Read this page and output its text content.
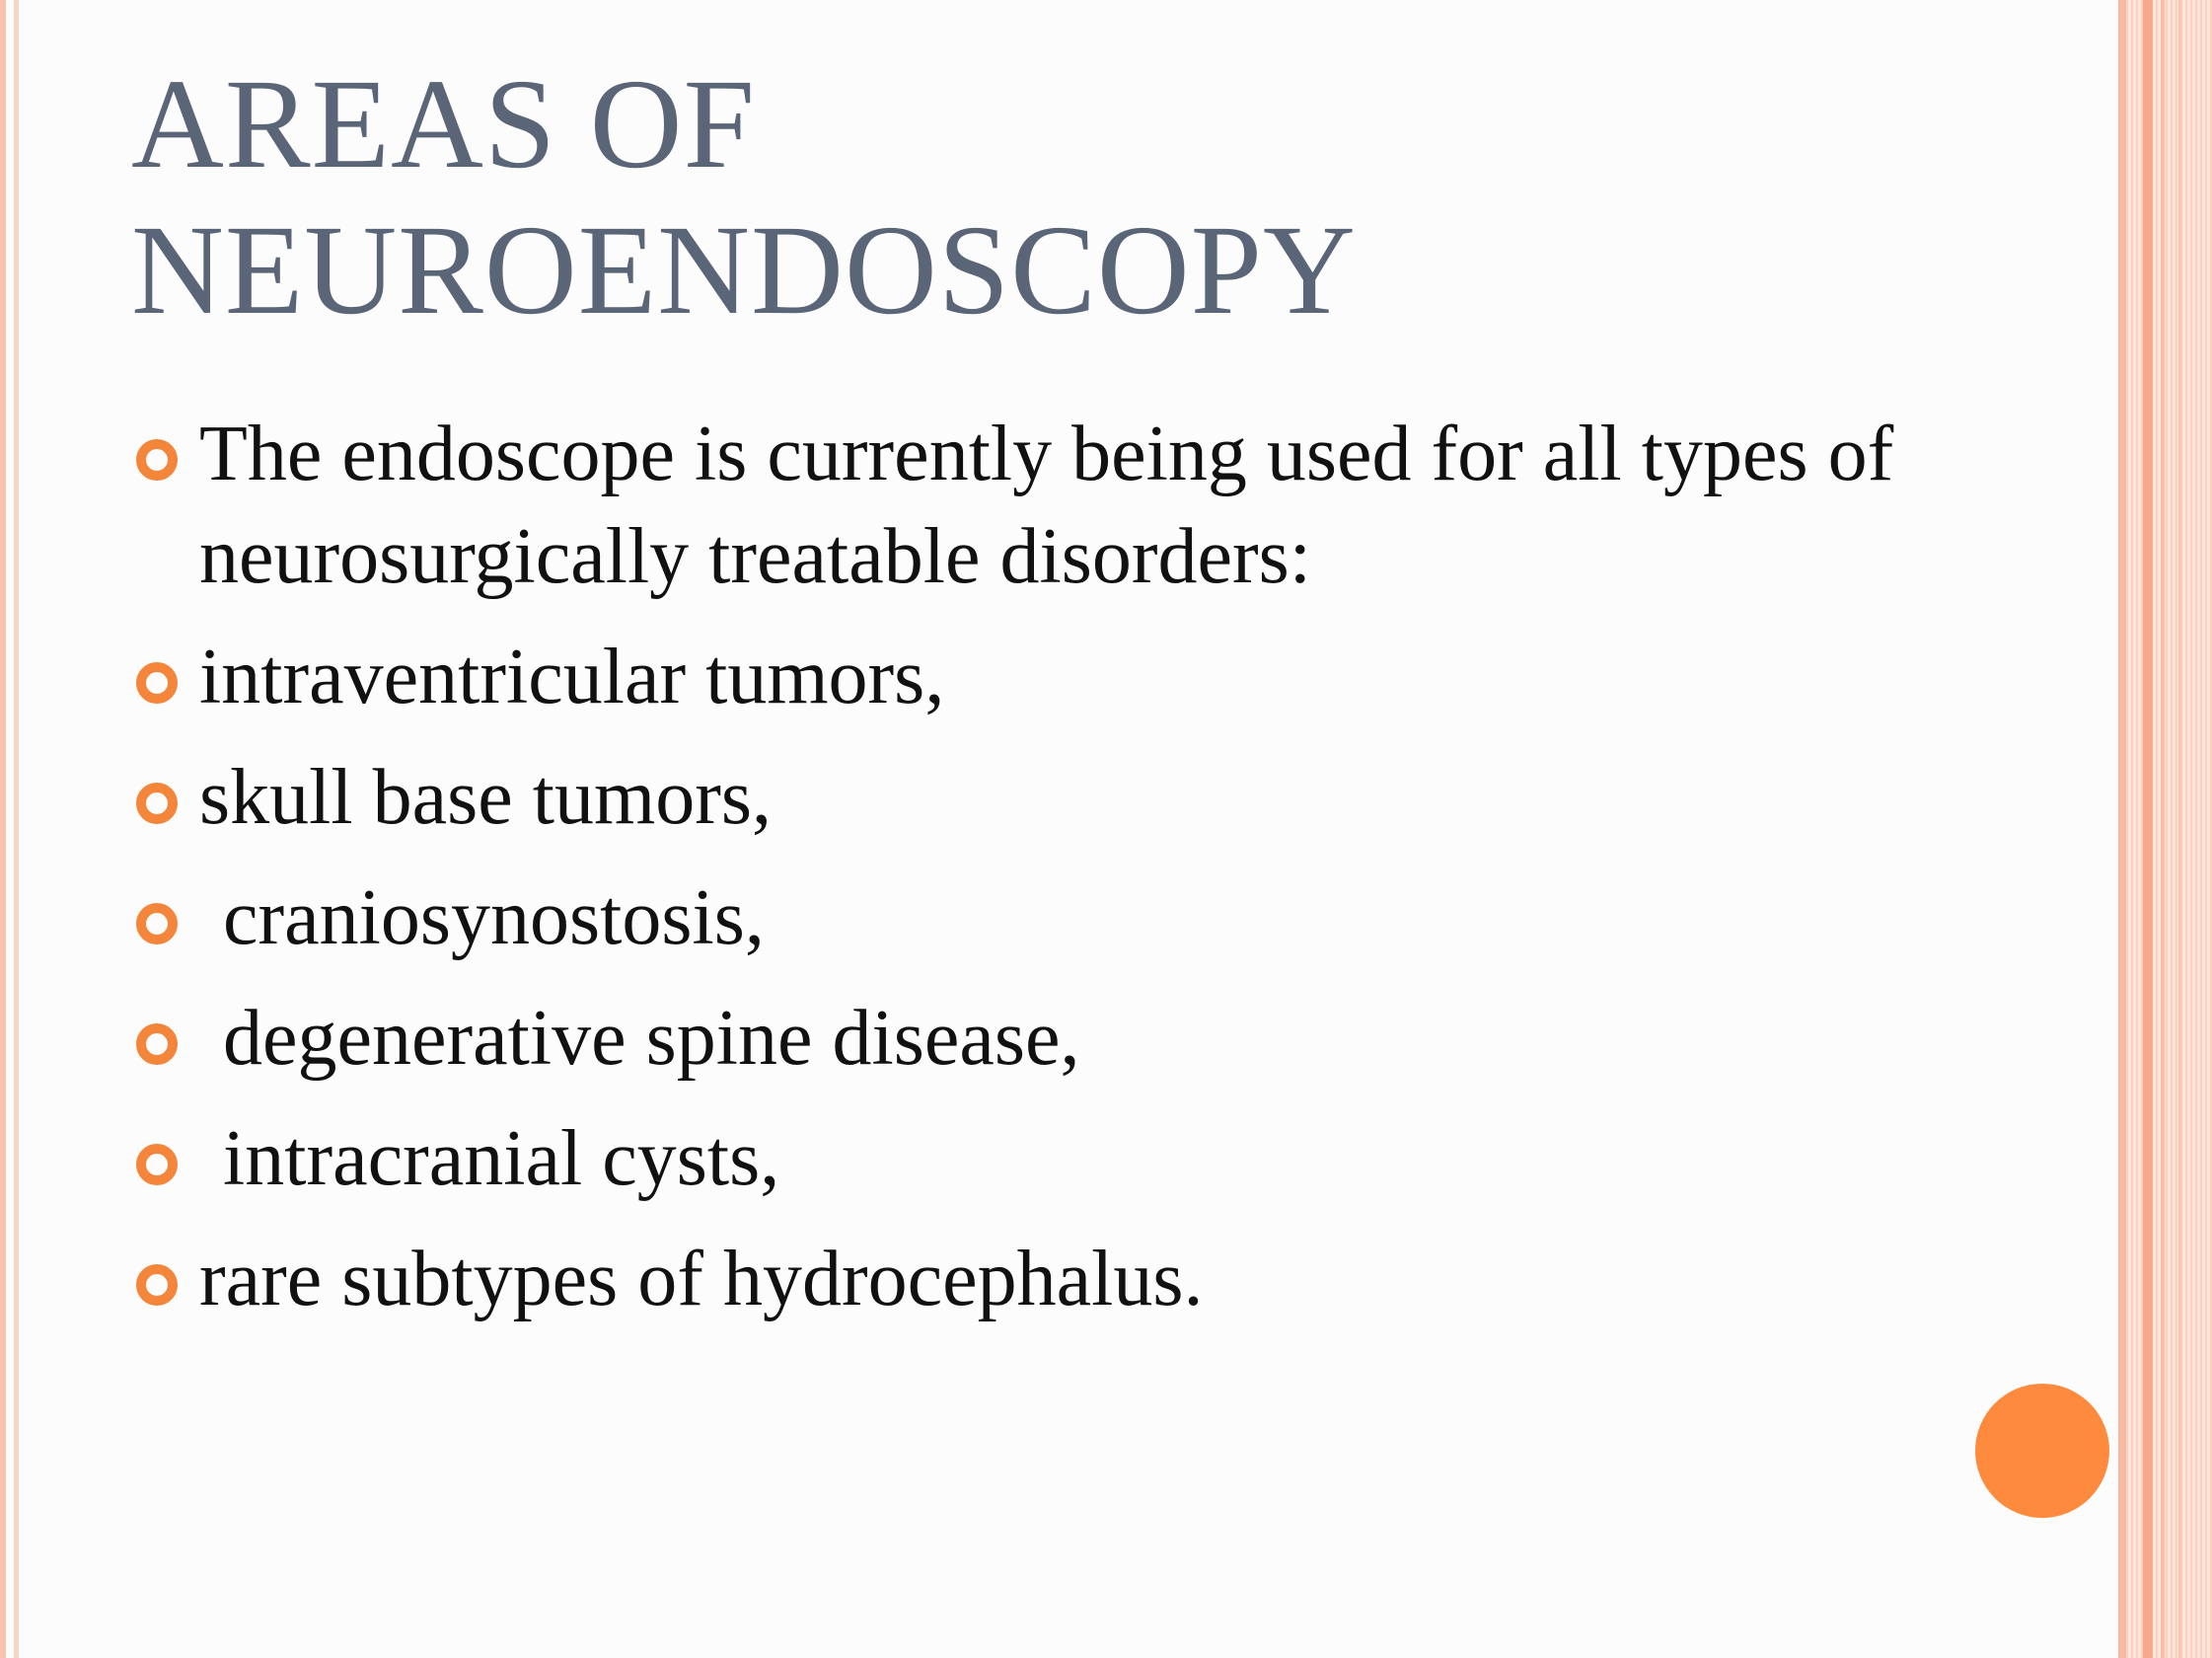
AREAS OF
NEUROENDOSCOPY
The endoscope is currently being used for all types of neurosurgically treatable disorders:
intraventricular tumors,
skull base tumors,
craniosynostosis,
degenerative spine disease,
intracranial cysts,
rare subtypes of hydrocephalus.
